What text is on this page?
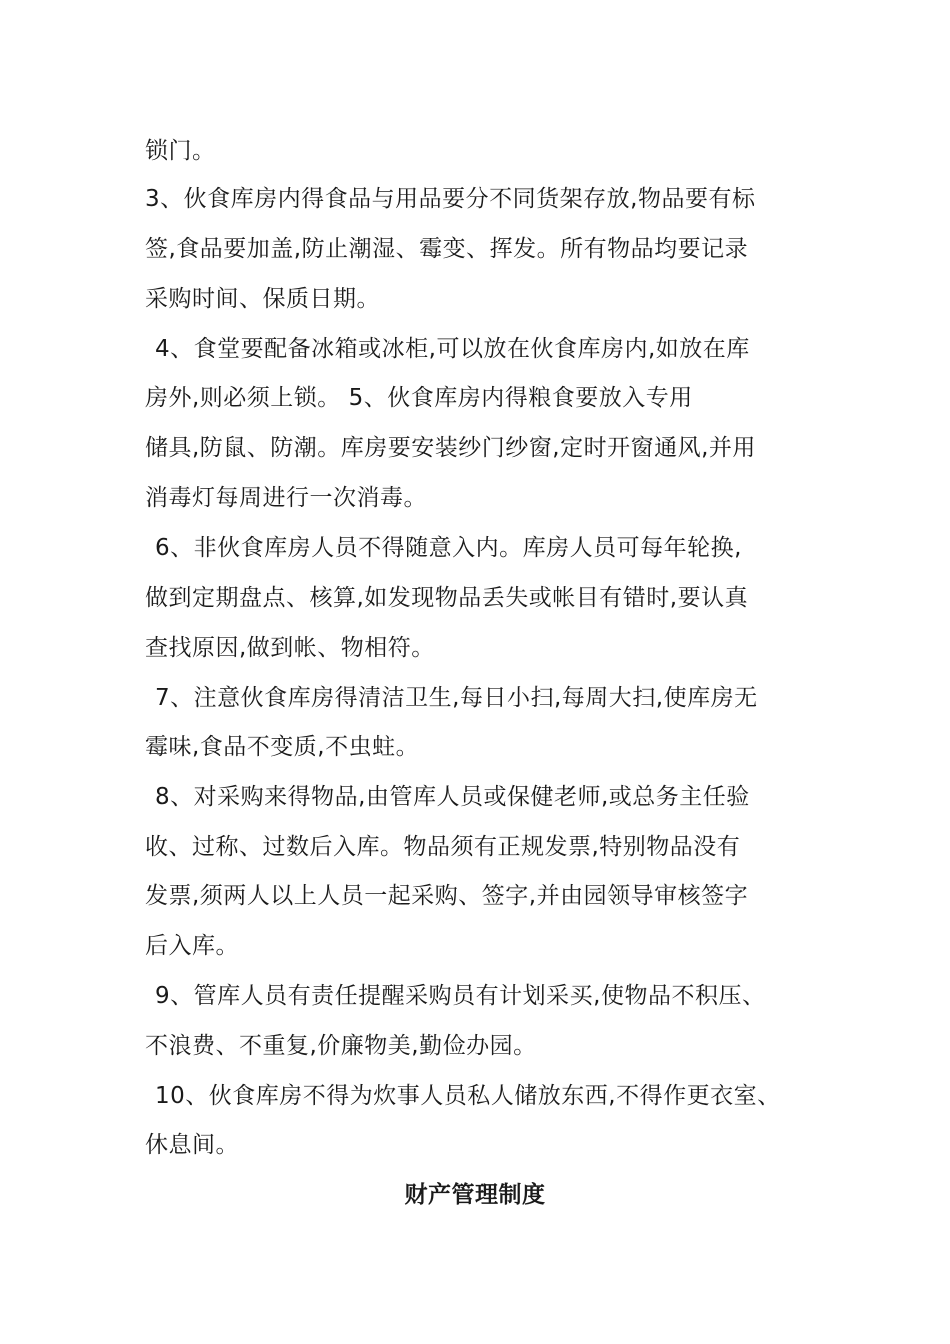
锁门。
3、伙食库房内得食品与用品要分不同货架存放,物品要有标
签,食品要加盖,防止潮湿、霉变、挥发。所有物品均要记录
采购时间、保质日期。
4、食堂要配备冰箱或冰柜,可以放在伙食库房内,如放在库
房外,则必须上锁。 5、伙食库房内得粮食要放入专用
储具,防鼠、防潮。库房要安装纱门纱窗,定时开窗通风,并用
消毒灯每周进行一次消毒。
6、非伙食库房人员不得随意入内。库房人员可每年轮换,
做到定期盘点、核算,如发现物品丢失或帐目有错时,要认真
查找原因,做到帐、物相符。
7、注意伙食库房得清洁卫生,每日小扫,每周大扫,使库房无
霉味,食品不变质,不虫蛀。
8、对采购来得物品,由管库人员或保健老师,或总务主任验
收、过称、过数后入库。物品须有正规发票,特别物品没有
发票,须两人以上人员一起采购、签字,并由园领导审核签字
后入库。
9、管库人员有责任提醒采购员有计划采买,使物品不积压、
不浪费、不重复,价廉物美,勤俭办园。
10、伙食库房不得为炊事人员私人储放东西,不得作更衣室、
休息间。
财产管理制度
